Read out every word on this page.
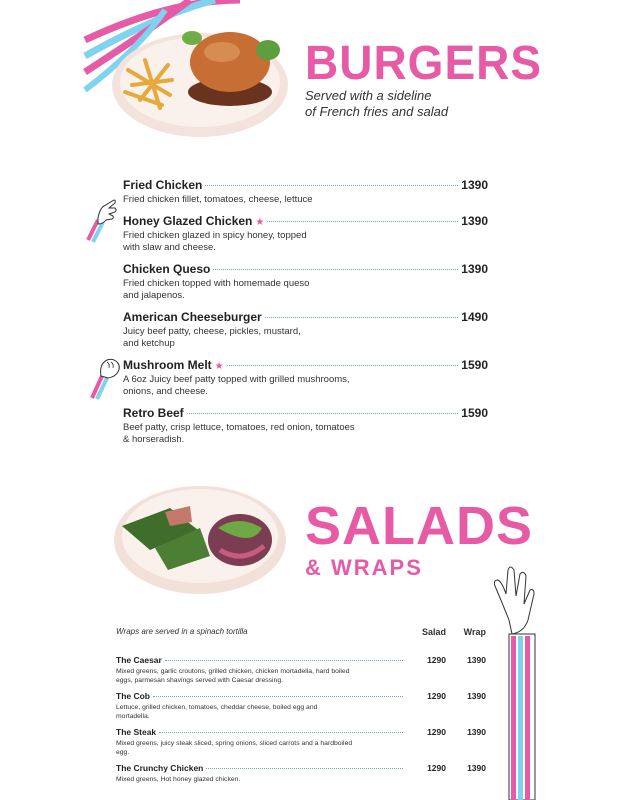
BURGERS
Served with a sideline
of French fries and salad
Fried Chicken	1390
Fried chicken fillet, tomatoes, cheese, lettuce
Honey Glazed Chicken ★	1390
Fried chicken glazed in spicy honey, topped with slaw and cheese.
Chicken Queso	1390
Fried chicken topped with homemade queso and jalapenos.
American Cheeseburger	1490
Juicy beef patty, cheese, pickles, mustard, and ketchup
Mushroom Melt ★	1590
A 6oz Juicy beef patty topped with grilled mushrooms, onions, and cheese.
Retro Beef	1590
Beef patty, crisp lettuce, tomatoes, red onion, tomatoes & horseradish.
SALADS
& WRAPS
Wraps are served in a spinach tortilla	Salad	Wrap
The Caesar	1290	1390
Mixed greens, garlic croutons, grilled chicken, chicken mortadella, hard boiled eggs, parmesan shavings served with Caesar dressing.
The Cob	1290	1390
Lettuce, grilled chicken, tomatoes, cheddar cheese, boiled egg and mortadella.
The Steak	1290	1390
Mixed greens, juicy steak sliced, spring onions, sliced carrots and a hardboiled egg.
The Crunchy Chicken	1290	1390
Mixed greens, Hot honey glazed chicken.
